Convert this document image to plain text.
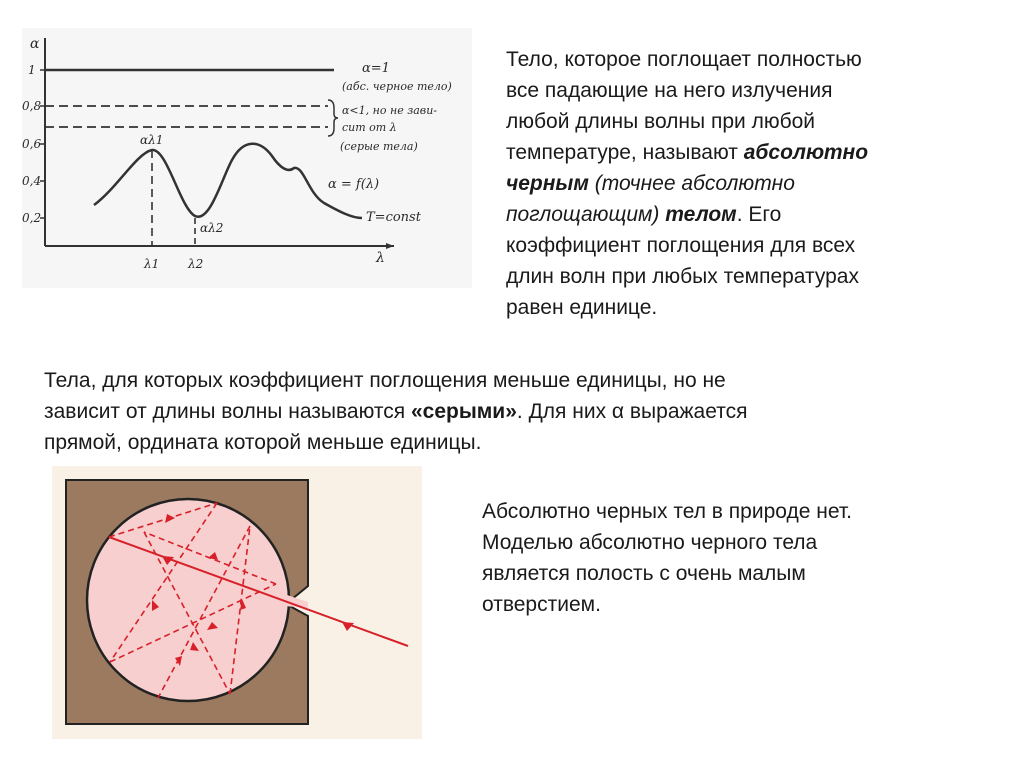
α
λ
1
0,8
0,6
0,4
0,2
α=1
(абс. черное тело)
α<1, но не зави-
сит от λ
(серые тела)
α = f(λ)
T=const
αλ1
αλ2
λ1 λ2
Тело, которое поглощает полностью
все падающие на него излучения
любой длины волны при любой
температуре, называют абсолютно
черным (точнее абсолютно
поглощающим) телом. Его
коэффициент поглощения для всех
длин волн при любых температурах
равен единице.
Тела, для которых коэффициент поглощения меньше единицы, но не
зависит от длины волны называются «серыми». Для них α выражается
прямой, ордината которой меньше единицы.
Абсолютно черных тел в природе нет.
Моделью абсолютно черного тела
является полость с очень малым
отверстием.
